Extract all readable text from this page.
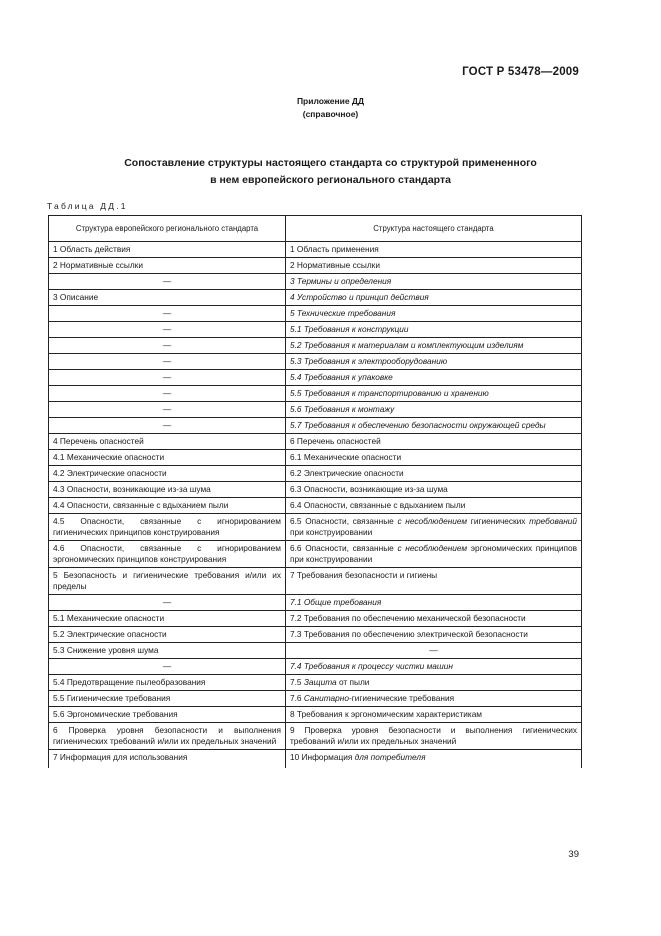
ГОСТ Р 53478—2009
Приложение ДД
(справочное)
Сопоставление структуры настоящего стандарта со структурой примененного
в нем европейского регионального стандарта
Таблица ДД.1
Структура европейского регионального стандарта	Структура настоящего стандарта
1 Область действия	1 Область применения
2 Нормативные ссылки	2 Нормативные ссылки
—	3 Термины и определения
3 Описание	4 Устройство и принцип действия
—	5 Технические требования
—	5.1 Требования к конструкции
—	5.2 Требования к материалам и комплектующим изделиям
—	5.3 Требования к электрооборудованию
—	5.4 Требования к упаковке
—	5.5 Требования к транспортированию и хранению
—	5.6 Требования к монтажу
—	5.7 Требования к обеспечению безопасности окружающей среды
4 Перечень опасностей	6 Перечень опасностей
4.1 Механические опасности	6.1 Механические опасности
4.2 Электрические опасности	6.2 Электрические опасности
4.3 Опасности, возникающие из-за шума	6.3 Опасности, возникающие из-за шума
4.4 Опасности, связанные с вдыханием пыли	6.4 Опасности, связанные с вдыханием пыли
4.5 Опасности, связанные с игнорированием гигиенических принципов конструирования	6.5 Опасности, связанные с несоблюдением гигиенических требований при конструировании
4.6 Опасности, связанные с игнорированием эргономических принципов конструирования	6.6 Опасности, связанные с несоблюдением эргономических принципов при конструировании
5 Безопасность и гигиенические требования и/или их пределы	7 Требования безопасности и гигиены
—	7.1 Общие требования
5.1 Механические опасности	7.2 Требования по обеспечению механической безопасности
5.2 Электрические опасности	7.3 Требования по обеспечению электрической безопасности
5.3 Снижение уровня шума	—
—	7.4 Требования к процессу чистки машин
5.4 Предотвращение пылеобразования	7.5 Защита от пыли
5.5 Гигиенические требования	7.6 Санитарно-гигиенические требования
5.6 Эргономические требования	8 Требования к эргономическим характеристикам
6 Проверка уровня безопасности и выполнения гигиенических требований и/или их предельных значений	9 Проверка уровня безопасности и выполнения гигиенических требований и/или их предельных значений
7 Информация для использования	10 Информация для потребителя
39
